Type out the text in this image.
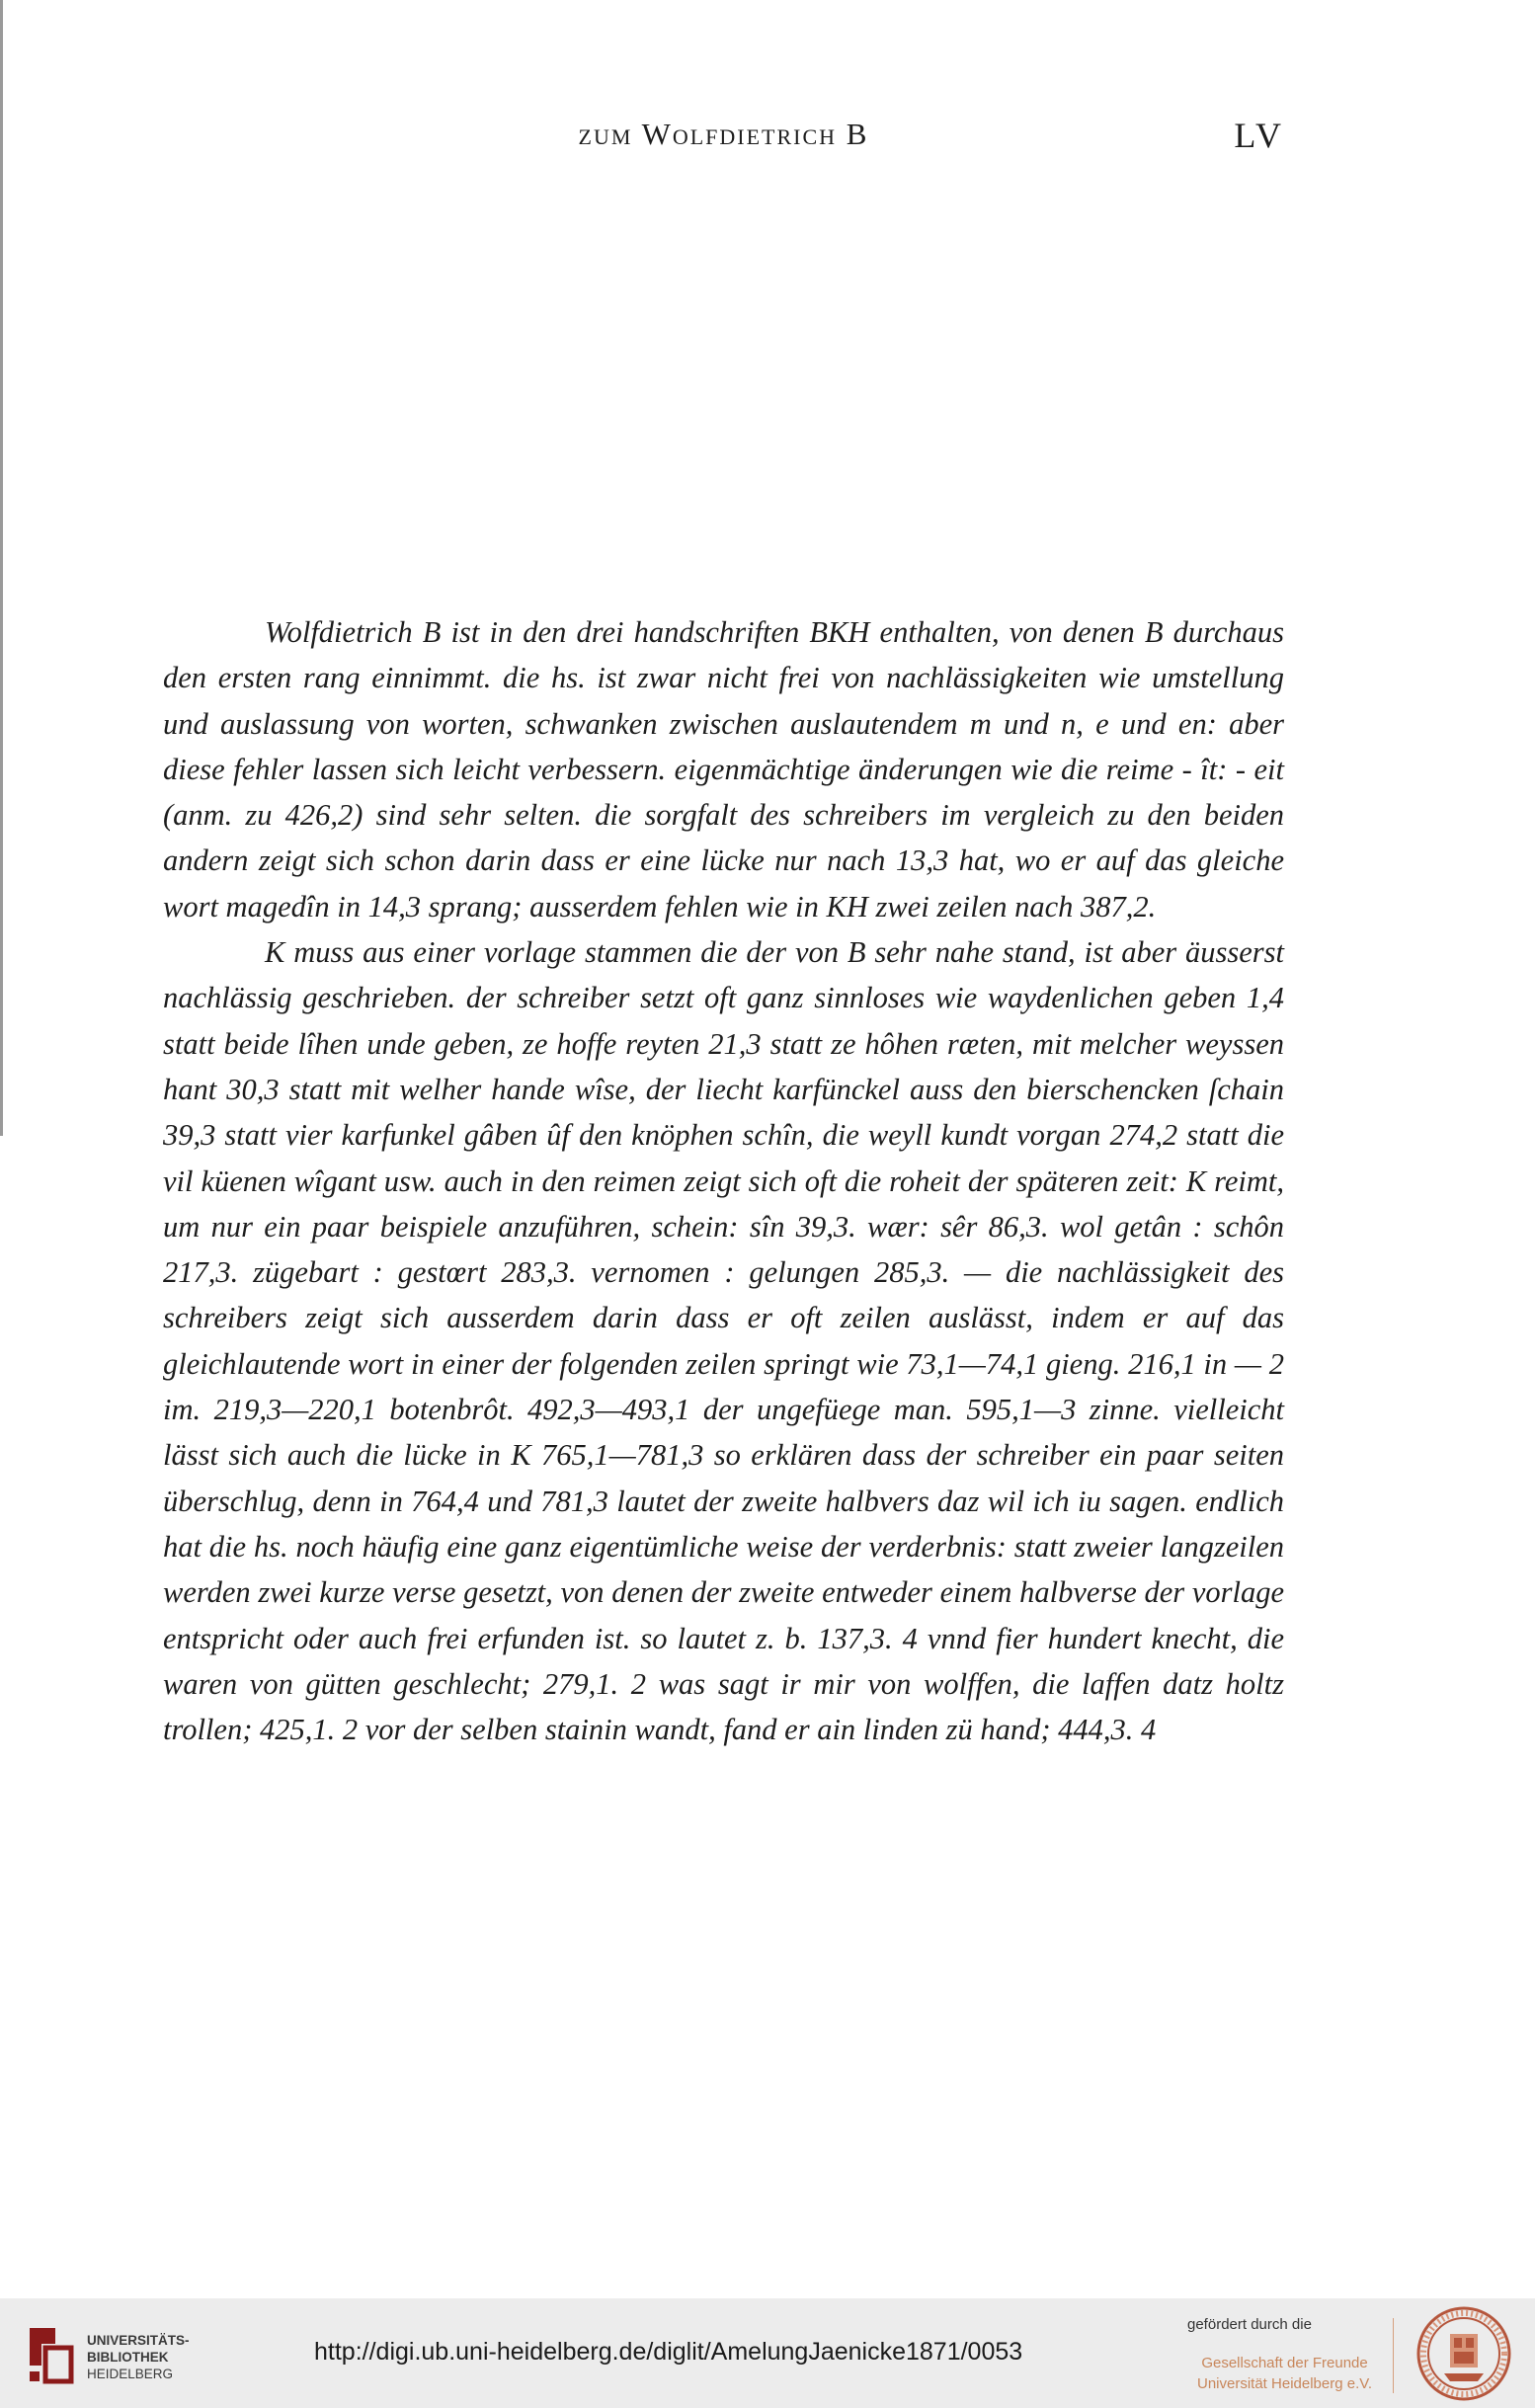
zum Wolfdietrich B	LV

Wolfdietrich B ist in den drei handschriften BKH enthalten, von denen B durchaus den ersten rang einnimmt. die hs. ist zwar nicht frei von nachlässigkeiten wie umstellung und auslassung von worten, schwanken zwischen auslautendem m und n, e und en: aber diese fehler lassen sich leicht verbessern. eigenmächtige änderungen wie die reime - ît: - eit (anm. zu 426,2) sind sehr selten. die sorgfalt des schreibers im vergleich zu den beiden andern zeigt sich schon darin dass er eine lücke nur nach 13,3 hat, wo er auf das gleiche wort magedîn in 14,3 sprang; ausserdem fehlen wie in KH zwei zeilen nach 387,2.

K muss aus einer vorlage stammen die der von B sehr nahe stand, ist aber äusserst nachlässig geschrieben. der schreiber setzt oft ganz sinnloses wie waydenlichen geben 1,4 statt beide lîhen unde geben, ze hoffe reyten 21,3 statt ze hôhen ræten, mit melcher weyssen hant 30,3 statt mit welher hande wîse, der liecht karfünckel auss den bierschencken ſchain 39,3 statt vier karfunkel gâben ûf den knöphen schîn, die weyll kundt vorgan 274,2 statt die vil küenen wîgant usw. auch in den reimen zeigt sich oft die roheit der späteren zeit: K reimt, um nur ein paar beispiele anzuführen, schein: sîn 39,3. wær: sêr 86,3. wol getân : schôn 217,3. zügebart : gestœrt 283,3. vernomen : gelungen 285,3. — die nachlässigkeit des schreibers zeigt sich ausserdem darin dass er oft zeilen auslässt, indem er auf das gleichlautende wort in einer der folgenden zeilen springt wie 73,1—74,1 gieng. 216,1 in — 2 im. 219,3—220,1 botenbrôt. 492,3—493,1 der ungefüege man. 595,1—3 zinne. vielleicht lässt sich auch die lücke in K 765,1—781,3 so erklären dass der schreiber ein paar seiten überschlug, denn in 764,4 und 781,3 lautet der zweite halbvers daz wil ich iu sagen. endlich hat die hs. noch häufig eine ganz eigentümliche weise der verderbnis: statt zweier langzeilen werden zwei kurze verse gesetzt, von denen der zweite entweder einem halbverse der vorlage entspricht oder auch frei erfunden ist. so lautet z. b. 137,3. 4 vnnd fier hundert knecht, die waren von gütten geschlecht; 279,1. 2 was sagt ir mir von wolffen, die laffen datz holtz trollen; 425,1. 2 vor der selben stainin wandt, fand er ain linden zü hand; 444,3. 4

UNIVERSITÄTS-
BIBLIOTHEK
HEIDELBERG
http://digi.ub.uni-heidelberg.de/diglit/AmelungJaenicke1871/0053
gefördert durch die
Gesellschaft der Freunde
Universität Heidelberg e.V.
